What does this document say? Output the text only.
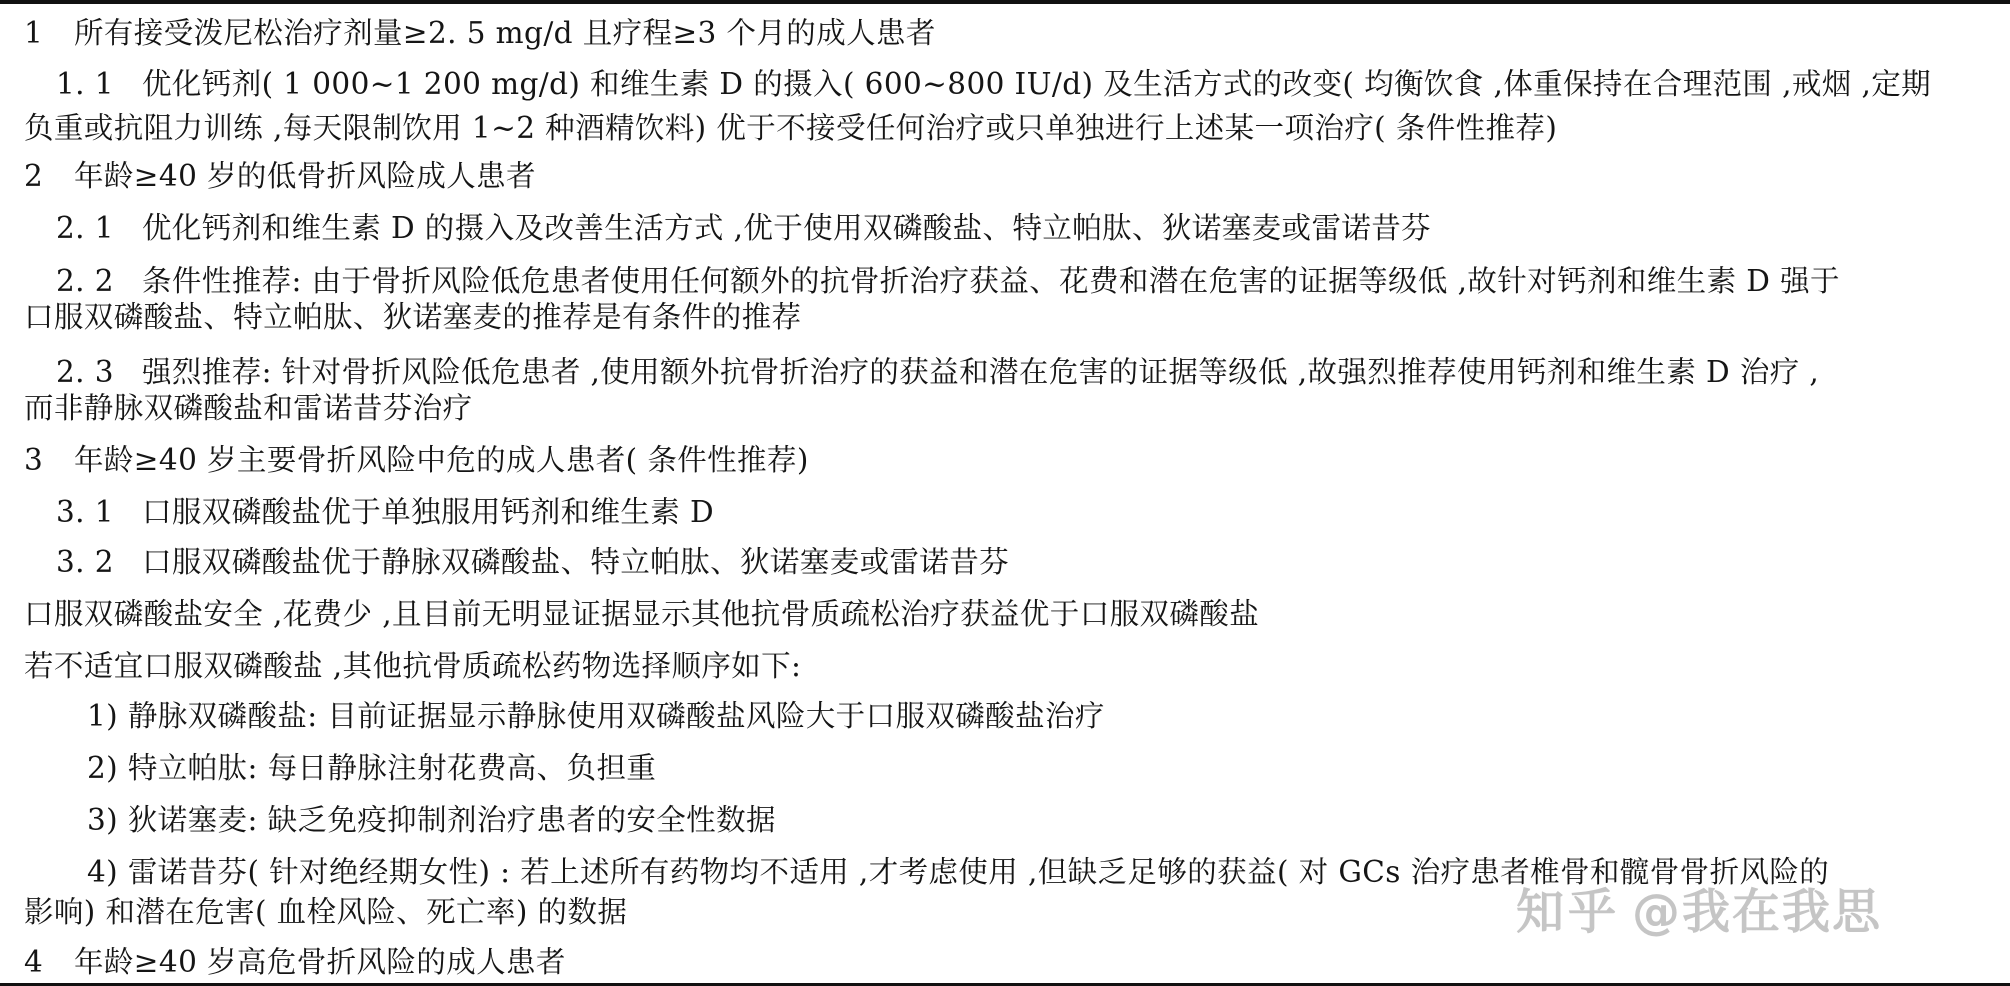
1 所有接受泼尼松治疗剂量≥2. 5 mg/d 且疗程≥3 个月的成人患者
1. 1 优化钙剂( 1 000~1 200 mg/d) 和维生素 D 的摄入( 600~800 IU/d) 及生活方式的改变( 均衡饮食 ,体重保持在合理范围 ,戒烟 ,定期
负重或抗阻力训练 ,每天限制饮用 1~2 种酒精饮料) 优于不接受任何治疗或只单独进行上述某一项治疗( 条件性推荐)
2 年龄≥40 岁的低骨折风险成人患者
2. 1 优化钙剂和维生素 D 的摄入及改善生活方式 ,优于使用双磷酸盐、特立帕肽、狄诺塞麦或雷诺昔芬
2. 2 条件性推荐: 由于骨折风险低危患者使用任何额外的抗骨折治疗获益、花费和潜在危害的证据等级低 ,故针对钙剂和维生素 D 强于
口服双磷酸盐、特立帕肽、狄诺塞麦的推荐是有条件的推荐
2. 3 强烈推荐: 针对骨折风险低危患者 ,使用额外抗骨折治疗的获益和潜在危害的证据等级低 ,故强烈推荐使用钙剂和维生素 D 治疗 ,
而非静脉双磷酸盐和雷诺昔芬治疗
3 年龄≥40 岁主要骨折风险中危的成人患者( 条件性推荐)
3. 1 口服双磷酸盐优于单独服用钙剂和维生素 D
3. 2 口服双磷酸盐优于静脉双磷酸盐、特立帕肽、狄诺塞麦或雷诺昔芬
口服双磷酸盐安全 ,花费少 ,且目前无明显证据显示其他抗骨质疏松治疗获益优于口服双磷酸盐
若不适宜口服双磷酸盐 ,其他抗骨质疏松药物选择顺序如下:
1) 静脉双磷酸盐: 目前证据显示静脉使用双磷酸盐风险大于口服双磷酸盐治疗
2) 特立帕肽: 每日静脉注射花费高、负担重
3) 狄诺塞麦: 缺乏免疫抑制剂治疗患者的安全性数据
4) 雷诺昔芬( 针对绝经期女性) : 若上述所有药物均不适用 ,才考虑使用 ,但缺乏足够的获益( 对 GCs 治疗患者椎骨和髋骨骨折风险的
影响) 和潜在危害( 血栓风险、死亡率) 的数据
4 年龄≥40 岁高危骨折风险的成人患者
知乎 @我在我思
